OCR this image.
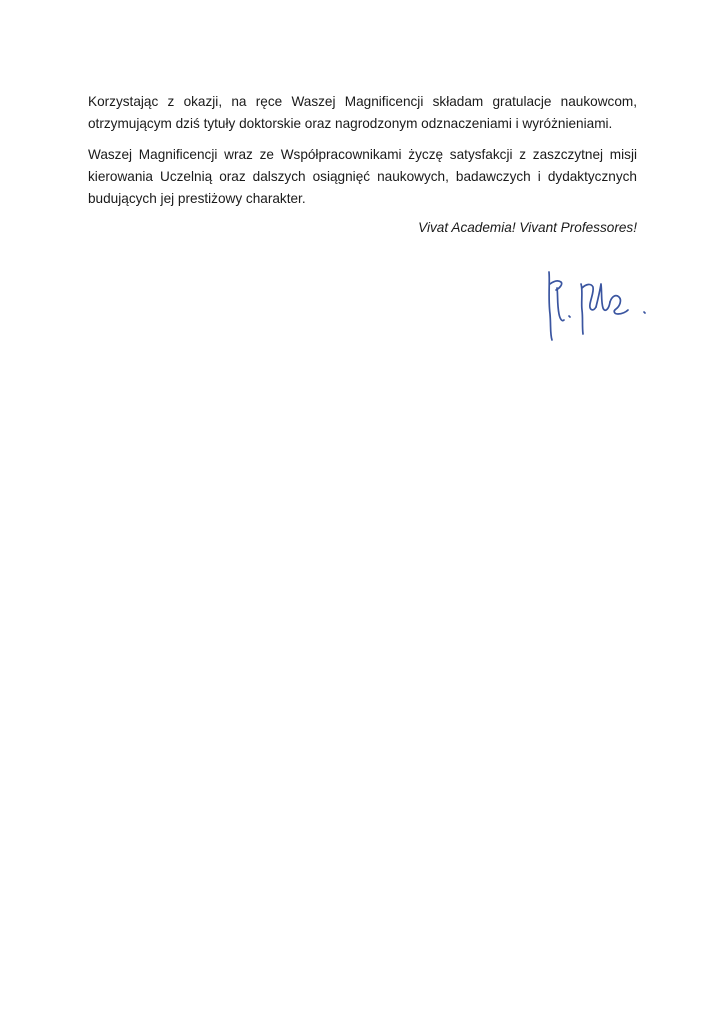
Korzystając z okazji, na ręce Waszej Magnificencji składam gratulacje naukowcom, otrzymującym dziś tytuły doktorskie oraz nagrodzonym odznaczeniami i wyróżnieniami.

Waszej Magnificencji wraz ze Współpracownikami życzę satysfakcji z zaszczytnej misji kierowania Uczelnią oraz dalszych osiągnięć naukowych, badawczych i dydaktycznych budujących jej prestiżowy charakter.

Vivat Academia! Vivant Professores!
